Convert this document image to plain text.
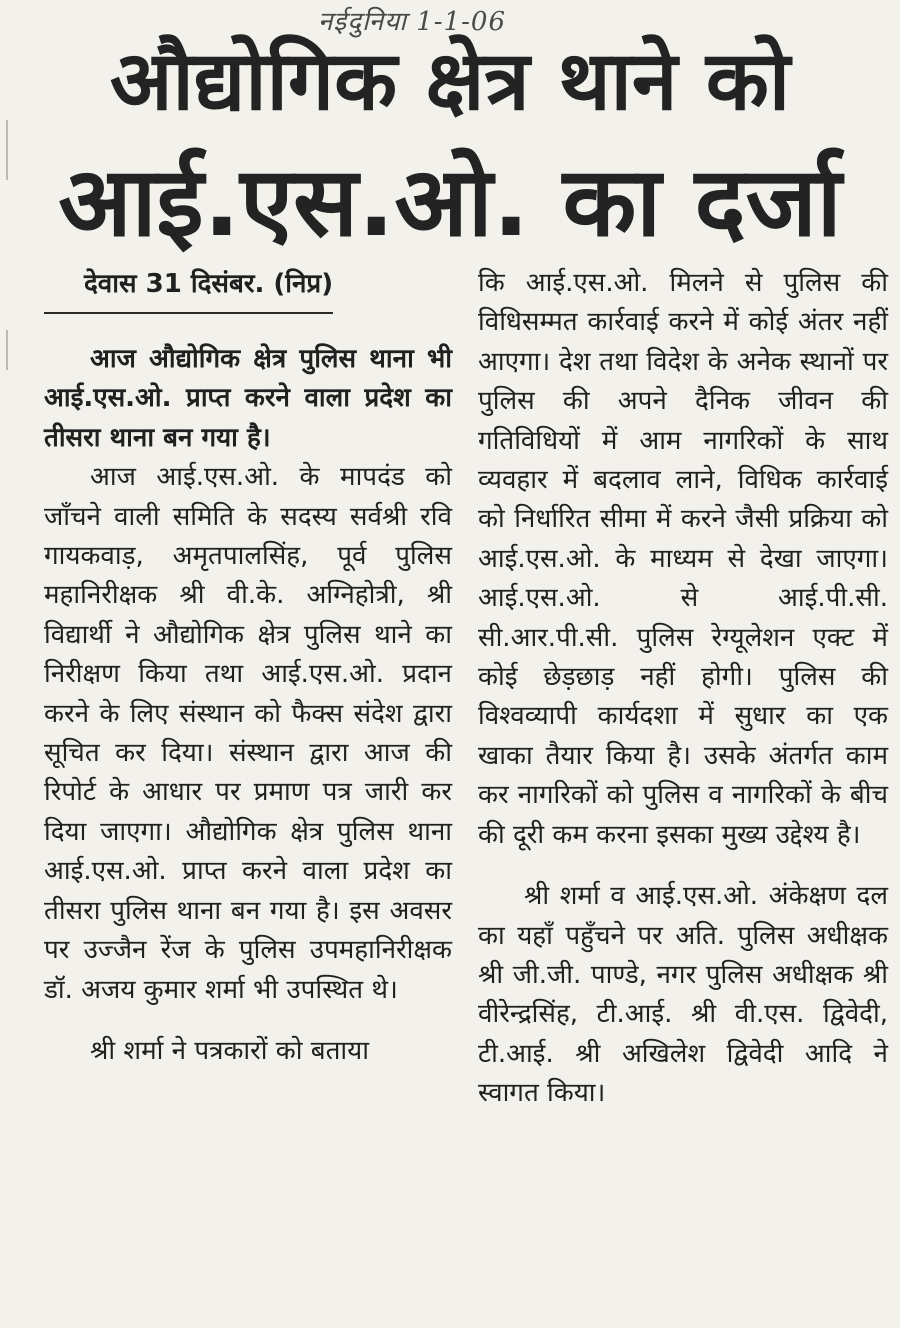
नईदुनिया 1-1-06
औद्योगिक क्षेत्र थाने को
आई.एस.ओ. का दर्जा
देवास 31 दिसंबर. (निप्र)

आज औद्योगिक क्षेत्र पुलिस थाना भी आई.एस.ओ. प्राप्त करने वाला प्रदेश का तीसरा थाना बन गया है।

आज आई.एस.ओ. के मापदंड को जाँचने वाली समिति के सदस्य सर्वश्री रवि गायकवाड़, अमृतपालसिंह, पूर्व पुलिस महानिरीक्षक श्री वी.के. अग्निहोत्री, श्री विद्यार्थी ने औद्योगिक क्षेत्र पुलिस थाने का निरीक्षण किया तथा आई.एस.ओ. प्रदान करने के लिए संस्थान को फैक्स संदेश द्वारा सूचित कर दिया। संस्थान द्वारा आज की रिपोर्ट के आधार पर प्रमाण पत्र जारी कर दिया जाएगा। औद्योगिक क्षेत्र पुलिस थाना आई.एस.ओ. प्राप्त करने वाला प्रदेश का तीसरा पुलिस थाना बन गया है। इस अवसर पर उज्जैन रेंज के पुलिस उपमहानिरीक्षक डॉ. अजय कुमार शर्मा भी उपस्थित थे।

श्री शर्मा ने पत्रकारों को बताया

कि आई.एस.ओ. मिलने से पुलिस की विधिसम्मत कार्रवाई करने में कोई अंतर नहीं आएगा। देश तथा विदेश के अनेक स्थानों पर पुलिस की अपने दैनिक जीवन की गतिविधियों में आम नागरिकों के साथ व्यवहार में बदलाव लाने, विधिक कार्रवाई को निर्धारित सीमा में करने जैसी प्रक्रिया को आई.एस.ओ. के माध्यम से देखा जाएगा। आई.एस.ओ. से आई.पी.सी. सी.आर.पी.सी. पुलिस रेग्यूलेशन एक्ट में कोई छेड़छाड़ नहीं होगी। पुलिस की विश्वव्यापी कार्यदशा में सुधार का एक खाका तैयार किया है। उसके अंतर्गत काम कर नागरिकों को पुलिस व नागरिकों के बीच की दूरी कम करना इसका मुख्य उद्देश्य है।

श्री शर्मा व आई.एस.ओ. अंकेक्षण दल का यहाँ पहुँचने पर अति. पुलिस अधीक्षक श्री जी.जी. पाण्डे, नगर पुलिस अधीक्षक श्री वीरेन्द्रसिंह, टी.आई. श्री वी.एस. द्विवेदी, टी.आई. श्री अखिलेश द्विवेदी आदि ने स्वागत किया।
